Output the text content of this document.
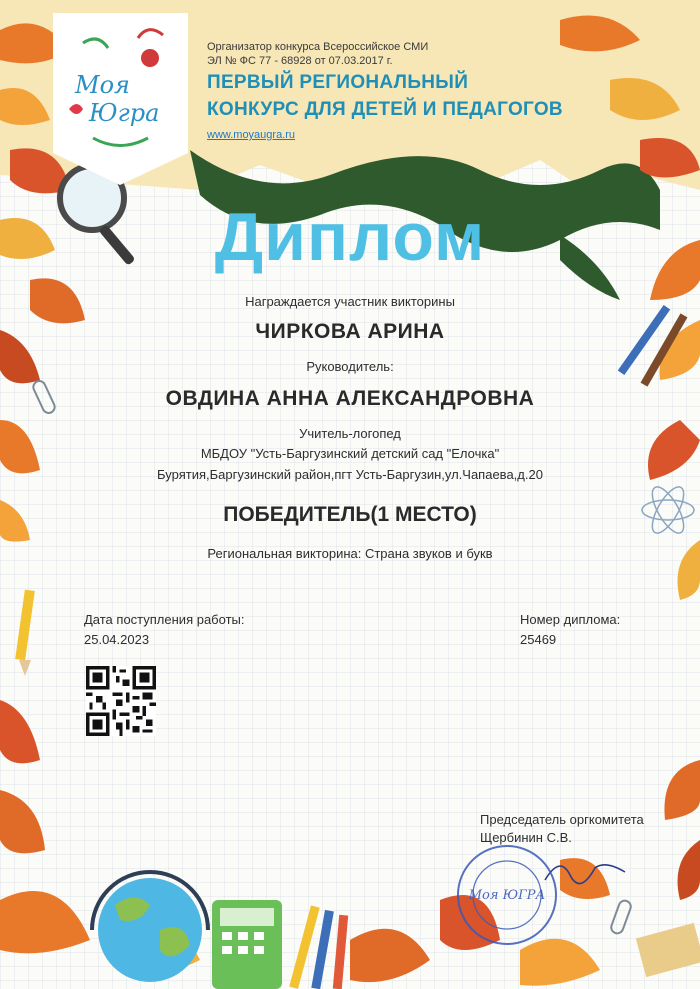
Моя
Югра
Организатор конкурса Всероссийское СМИ
ЭЛ № ФС 77 - 68928 от 07.03.2017 г.
ПЕРВЫЙ РЕГИОНАЛЬНЫЙ
КОНКУРС ДЛЯ ДЕТЕЙ И ПЕДАГОГОВ
www.moyaugra.ru
Диплом
Награждается участник викторины
ЧИРКОВА АРИНА
Руководитель:
ОВДИНА АННА АЛЕКСАНДРОВНА
Учитель-логопед
МБДОУ "Усть-Баргузинский детский сад "Елочка"
Бурятия,Баргузинский район,пгт Усть-Баргузин,ул.Чапаева,д.20
ПОБЕДИТЕЛЬ(1 МЕСТО)
Региональная викторина: Страна звуков и букв
Дата поступления работы:
25.04.2023
Номер диплома:
25469
Председатель оргкомитета
Щербинин С.В.
Моя ЮГРА
